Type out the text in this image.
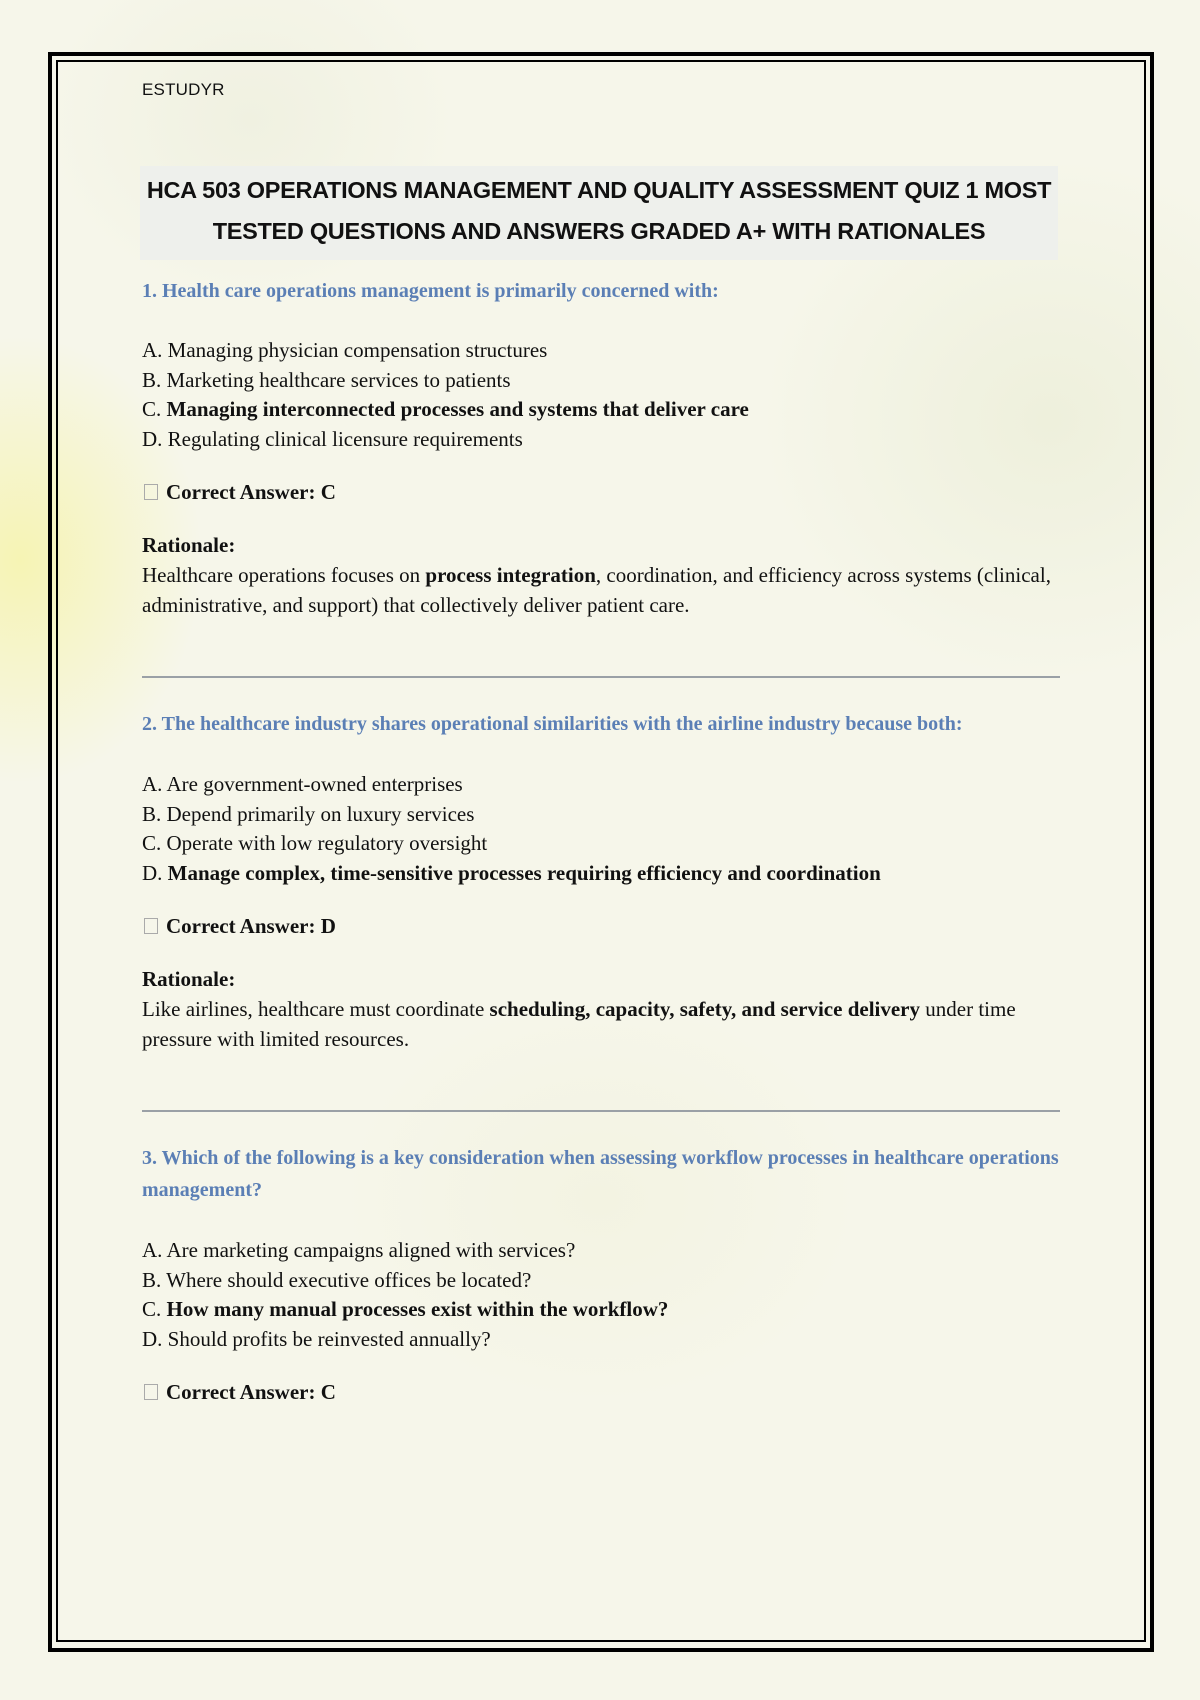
ESTUDYR
HCA 503 OPERATIONS MANAGEMENT AND QUALITY ASSESSMENT QUIZ 1 MOST
TESTED QUESTIONS AND ANSWERS GRADED A+ WITH RATIONALES

1. Health care operations management is primarily concerned with:

A. Managing physician compensation structures
B. Marketing healthcare services to patients
C. Managing interconnected processes and systems that deliver care
D. Regulating clinical licensure requirements
Correct Answer: C
Rationale:
Healthcare operations focuses on process integration, coordination, and efficiency across systems (clinical, administrative, and support) that collectively deliver patient care.

2. The healthcare industry shares operational similarities with the airline industry because both:

A. Are government-owned enterprises
B. Depend primarily on luxury services
C. Operate with low regulatory oversight
D. Manage complex, time-sensitive processes requiring efficiency and coordination
Correct Answer: D
Rationale:
Like airlines, healthcare must coordinate scheduling, capacity, safety, and service delivery under time pressure with limited resources.

3. Which of the following is a key consideration when assessing workflow processes in healthcare operations management?

A. Are marketing campaigns aligned with services?
B. Where should executive offices be located?
C. How many manual processes exist within the workflow?
D. Should profits be reinvested annually?
Correct Answer: C
